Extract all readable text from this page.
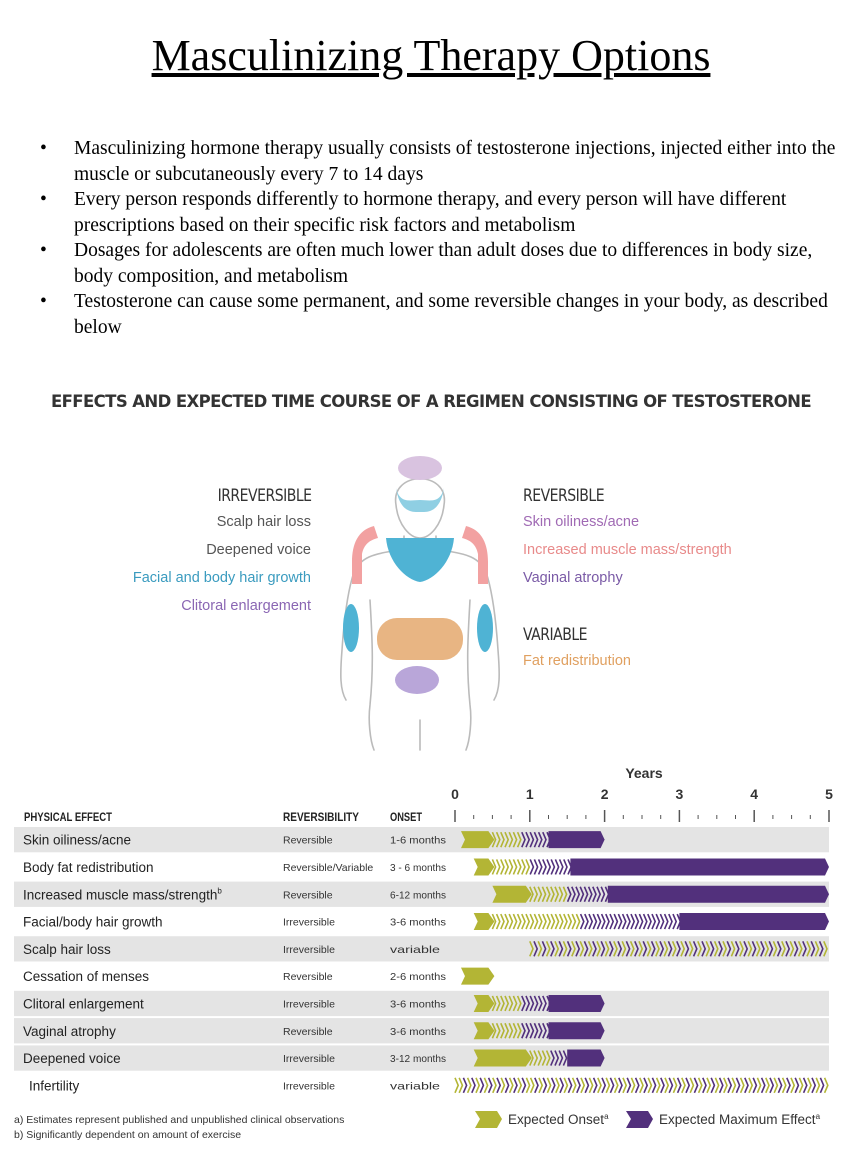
Masculinizing Therapy Options
• Masculinizing hormone therapy usually consists of testosterone injections, injected either into the muscle or subcutaneously every 7 to 14 days
• Every person responds differently to hormone therapy, and every person will have different prescriptions based on their specific risk factors and metabolism
• Dosages for adolescents are often much lower than adult doses due to differences in body size, body composition, and metabolism
• Testosterone can cause some permanent, and some reversible changes in your body, as described below
EFFECTS AND EXPECTED TIME COURSE OF A REGIMEN CONSISTING OF TESTOSTERONE
IRREVERSIBLE
Scalp hair loss
Deepened voice
Facial and body hair growth
Clitoral enlargement
REVERSIBLE
Skin oiliness/acne
Increased muscle mass/strength
Vaginal atrophy
VARIABLE
Fat redistribution
Years
0	1	2	3	4	5
PHYSICAL EFFECT	REVERSIBILITY	ONSET
Skin oiliness/acne	Reversible	1-6 months
Body fat redistribution	Reversible/Variable 3 - 6 months
Increased muscle mass/strength$^b$	Reversible	6-12 months
Facial/body hair growth	Irreversible	3-6 months
Scalp hair loss	Irreversible	variable
Cessation of menses	Reversible	2-6 months
Clitoral enlargement	Irreversible	3-6 months
Vaginal atrophy	Reversible	3-6 months
Deepened voice	Irreversible	3-12 months
Infertility	Irreversible	variable
Expected Onset$^a$	Expected Maximum Effect$^a$
a) Estimates represent published and unpublished clinical observations
b) Significantly dependent on amount of exercise
